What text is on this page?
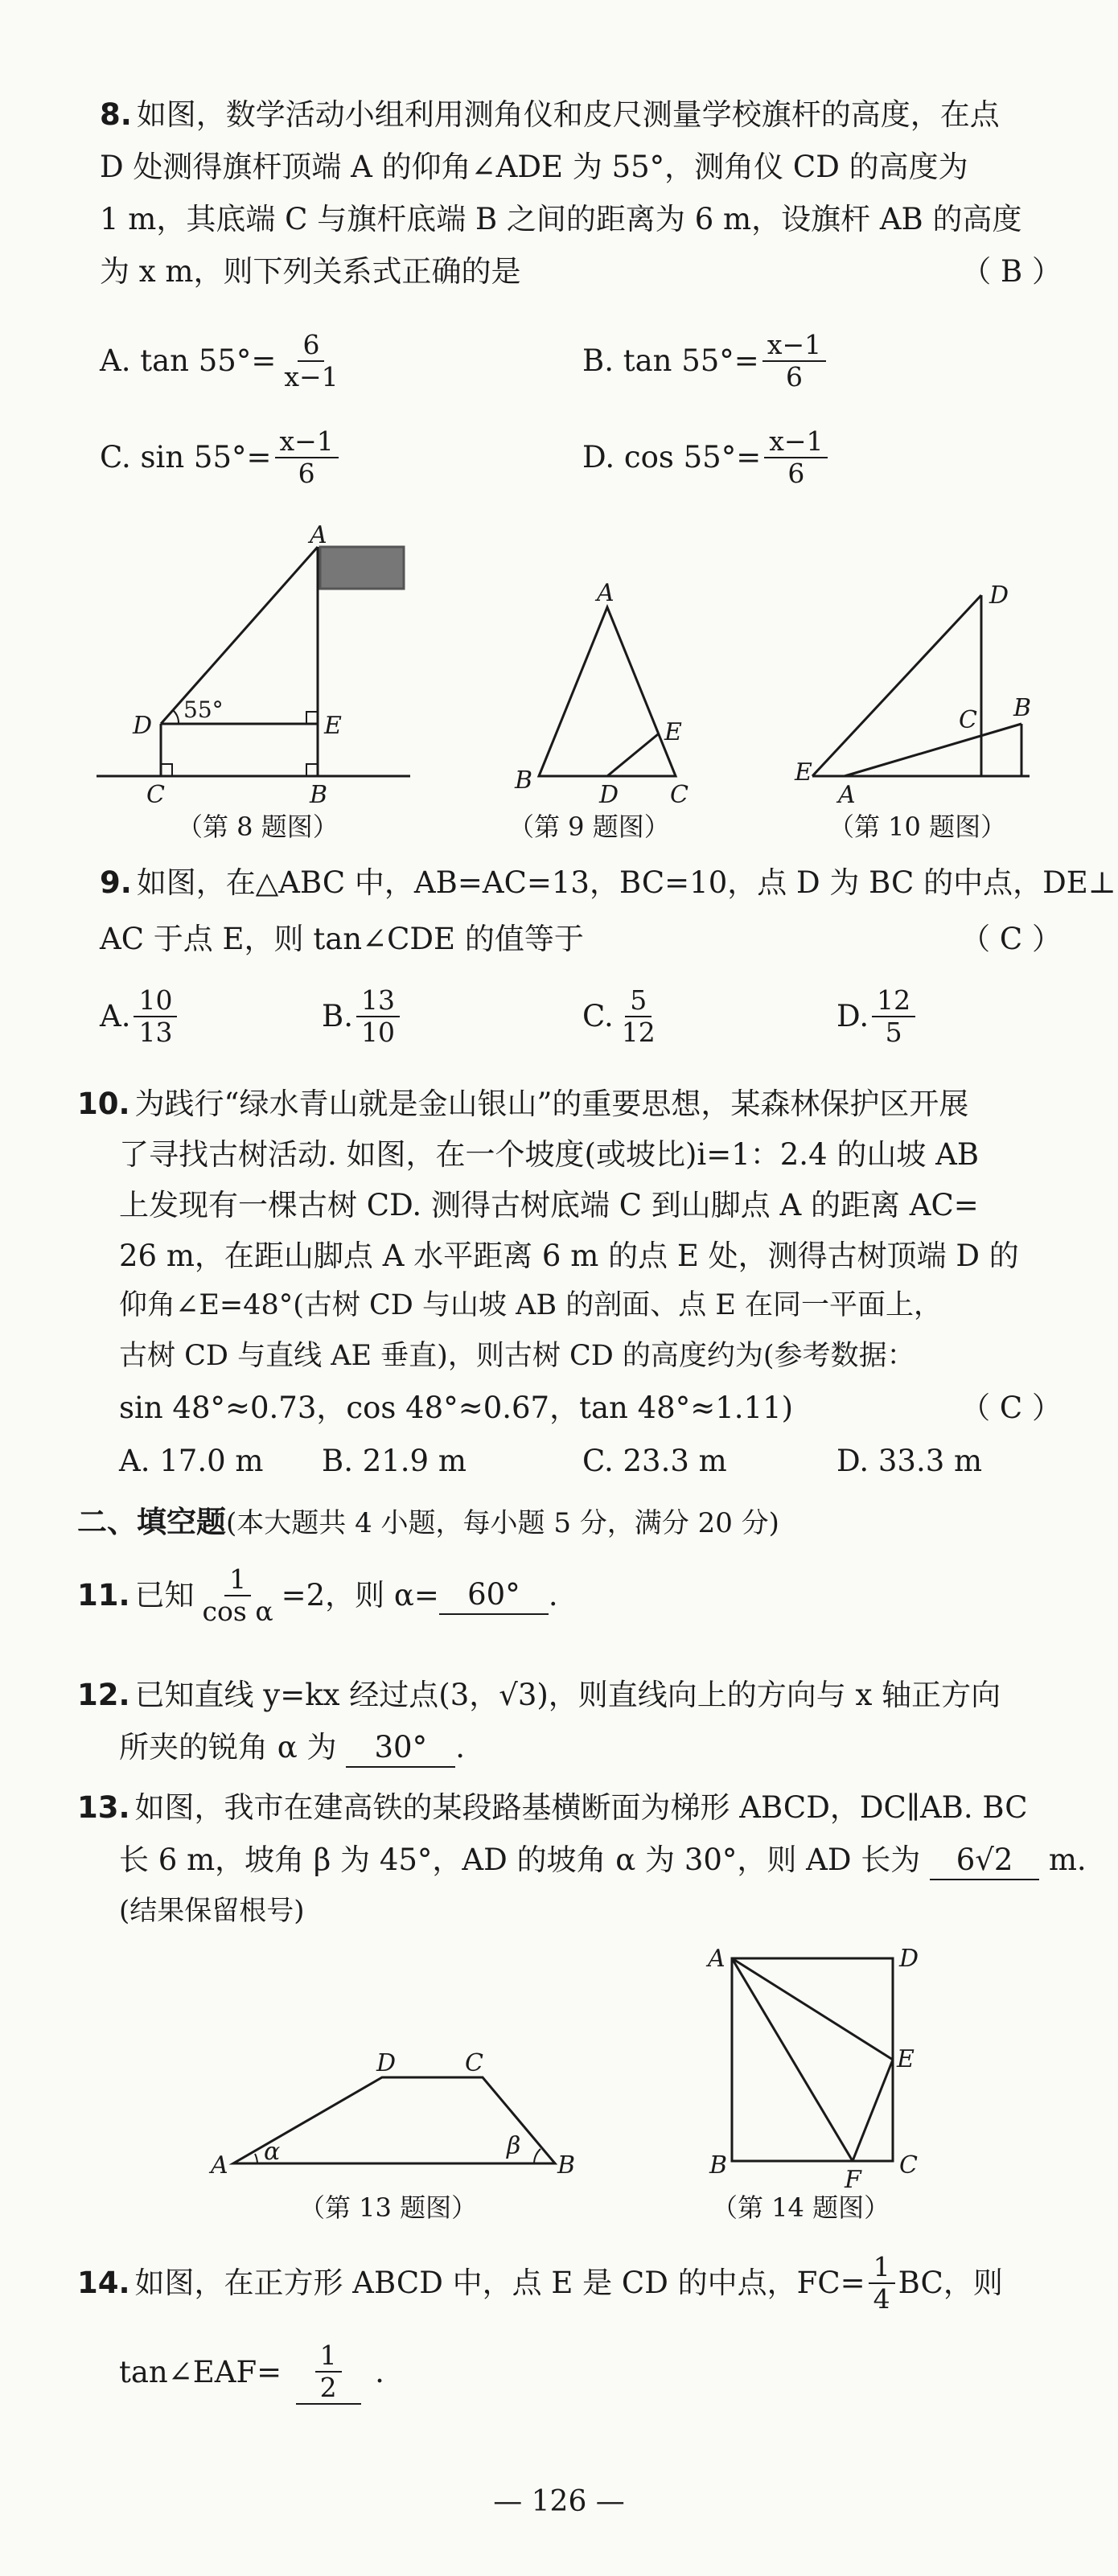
8. 如图，数学活动小组利用测角仪和皮尺测量学校旗杆的高度，在点
D 处测得旗杆顶端 A 的仰角∠ADE 为 55°，测角仪 CD 的高度为
1 m，其底端 C 与旗杆底端 B 之间的距离为 6 m，设旗杆 AB 的高度
为 x m，则下列关系式正确的是	（ B ）
A. $\tan 55^\circ= \frac{6}{x-1}$	B. $\tan 55^\circ= \frac{x-1}{6}$
C. $\sin 55^\circ= \frac{x-1}{6}$	D. $\cos 55^\circ= \frac{x-1}{6}$
A
D	E
C	B
55°
A
B
C
D
E
D
C B
E
A
（第 8 题图）	（第 9 题图）	（第 10 题图）
9. 如图，在△ABC 中，AB=AC=13，BC=10，点 D 为 BC 的中点，DE⊥
AC 于点 E，则 tan∠CDE 的值等于	（ C ）
A. $\frac{10}{13}$	B. $\frac{13}{10}$	C. $\frac{5}{12}$	D. $\frac{12}{5}$
10. 为践行“绿水青山就是金山银山”的重要思想，某森林保护区开展
了寻找古树活动. 如图，在一个坡度(或坡比)i=1：2.4 的山坡 AB
上发现有一棵古树 CD. 测得古树底端 C 到山脚点 A 的距离 AC=
26 m，在距山脚点 A 水平距离 6 m 的点 E 处，测得古树顶端 D 的
仰角∠E=48°(古树 CD 与山坡 AB 的剖面、点 E 在同一平面上，
古树 CD 与直线 AE 垂直)，则古树 CD 的高度约为(参考数据：
sin 48°≈0.73，cos 48°≈0.67，tan 48°≈1.11)	（ C ）
A. 17.0 m B. 21.9 m	C. 23.3 m	D. 33.3 m
二、填空题(本大题共 4 小题，每小题 5 分，满分 20 分)
11. 已知 $\frac{1}{\text{cos α}} =2$，则 α= 60° .
12. 已知直线 y=kx 经过点(3，√3)，则直线向上的方向与 x 轴正方向
所夹的锐角 α 为 30° .
13. 如图，我市在建高铁的某段路基横断面为梯形 ABCD，DC∥AB. BC
长 6 m，坡角 β 为 45°，AD 的坡角 α 为 30°，则 AD 长为 6√2 m.
(结果保留根号)
A	B
C
D
α	β
A	D
E
B	C
F
（第 13 题图）	（第 14 题图）
14. 如图，在正方形 ABCD 中，点 E 是 CD 的中点，$FC= \frac{1}{4}$ BC，则
tan∠EAF= $\frac{1}{2}$ .
— 126 —
